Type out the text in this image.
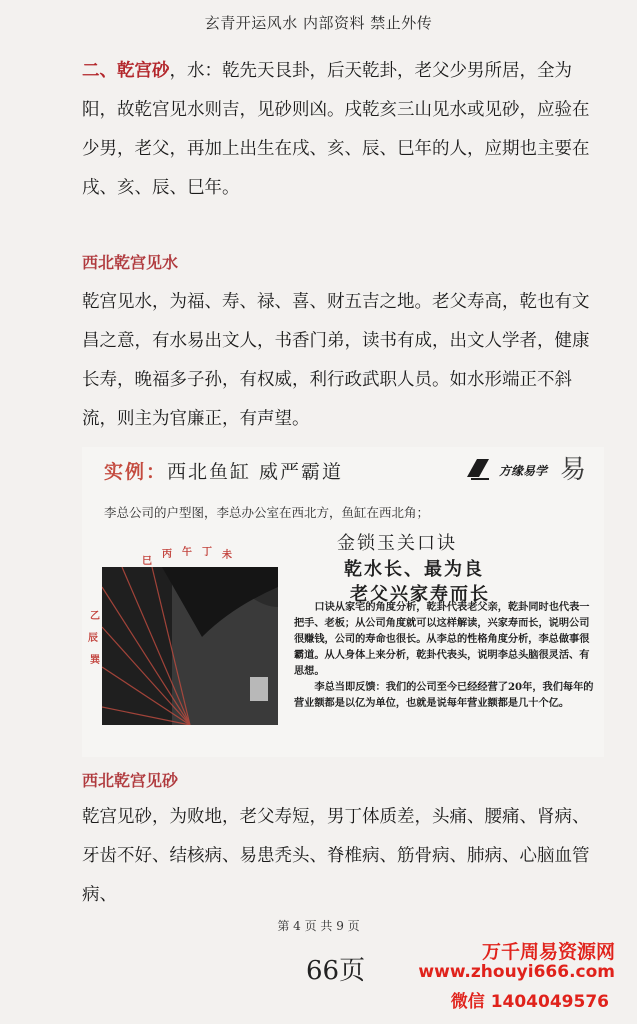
玄青开运风水 内部资料 禁止外传

二、乾宫砂，水：乾先天艮卦，后天乾卦，老父少男所居，全为阳，故乾宫见水则吉，见砂则凶。戌乾亥三山见水或见砂，应验在少男，老父，再加上出生在戌、亥、辰、巳年的人，应期也主要在戌、亥、辰、巳年。

西北乾宫见水

乾宫见水，为福、寿、禄、喜、财五吉之地。老父寿高，乾也有文昌之意，有水易出文人，书香门弟，读书有成，出文人学者，健康长寿，晚福多子孙，有权威，利行政武职人员。如水形端正不斜流，则主为官廉正，有声望。

实例：西北鱼缸 威严霸道	方缘易学 易
李总公司的户型图，李总办公室在西北方，鱼缸在西北角；
金锁玉关口诀
乾水长、最为良
老父兴家寿而长

口诀从家宅的角度分析，乾卦代表老父亲，乾卦同时也代表一把手、老板；从公司角度就可以这样解读，兴家寿而长，说明公司很赚钱，公司的寿命也很长。从李总的性格角度分析，李总做事很霸道。从人身体上来分析，乾卦代表头，说明李总头脑很灵活、有思想。

李总当即反馈：我们的公司至今已经经营了20年，我们每年的营业额都是以亿为单位，也就是说每年营业额都是几十个亿。

巳
丙 午 丁 未
乙
辰
巽
西北乾宫见砂

乾宫见砂，为败地，老父寿短，男丁体质差，头痛、腰痛、肾病、牙齿不好、结核病、易患秃头、脊椎病、筋骨病、肺病、心脑血管病、

第 4 页 共 9 页
66页
万千周易资源网
www.zhouyi666.com
微信 1404049576
